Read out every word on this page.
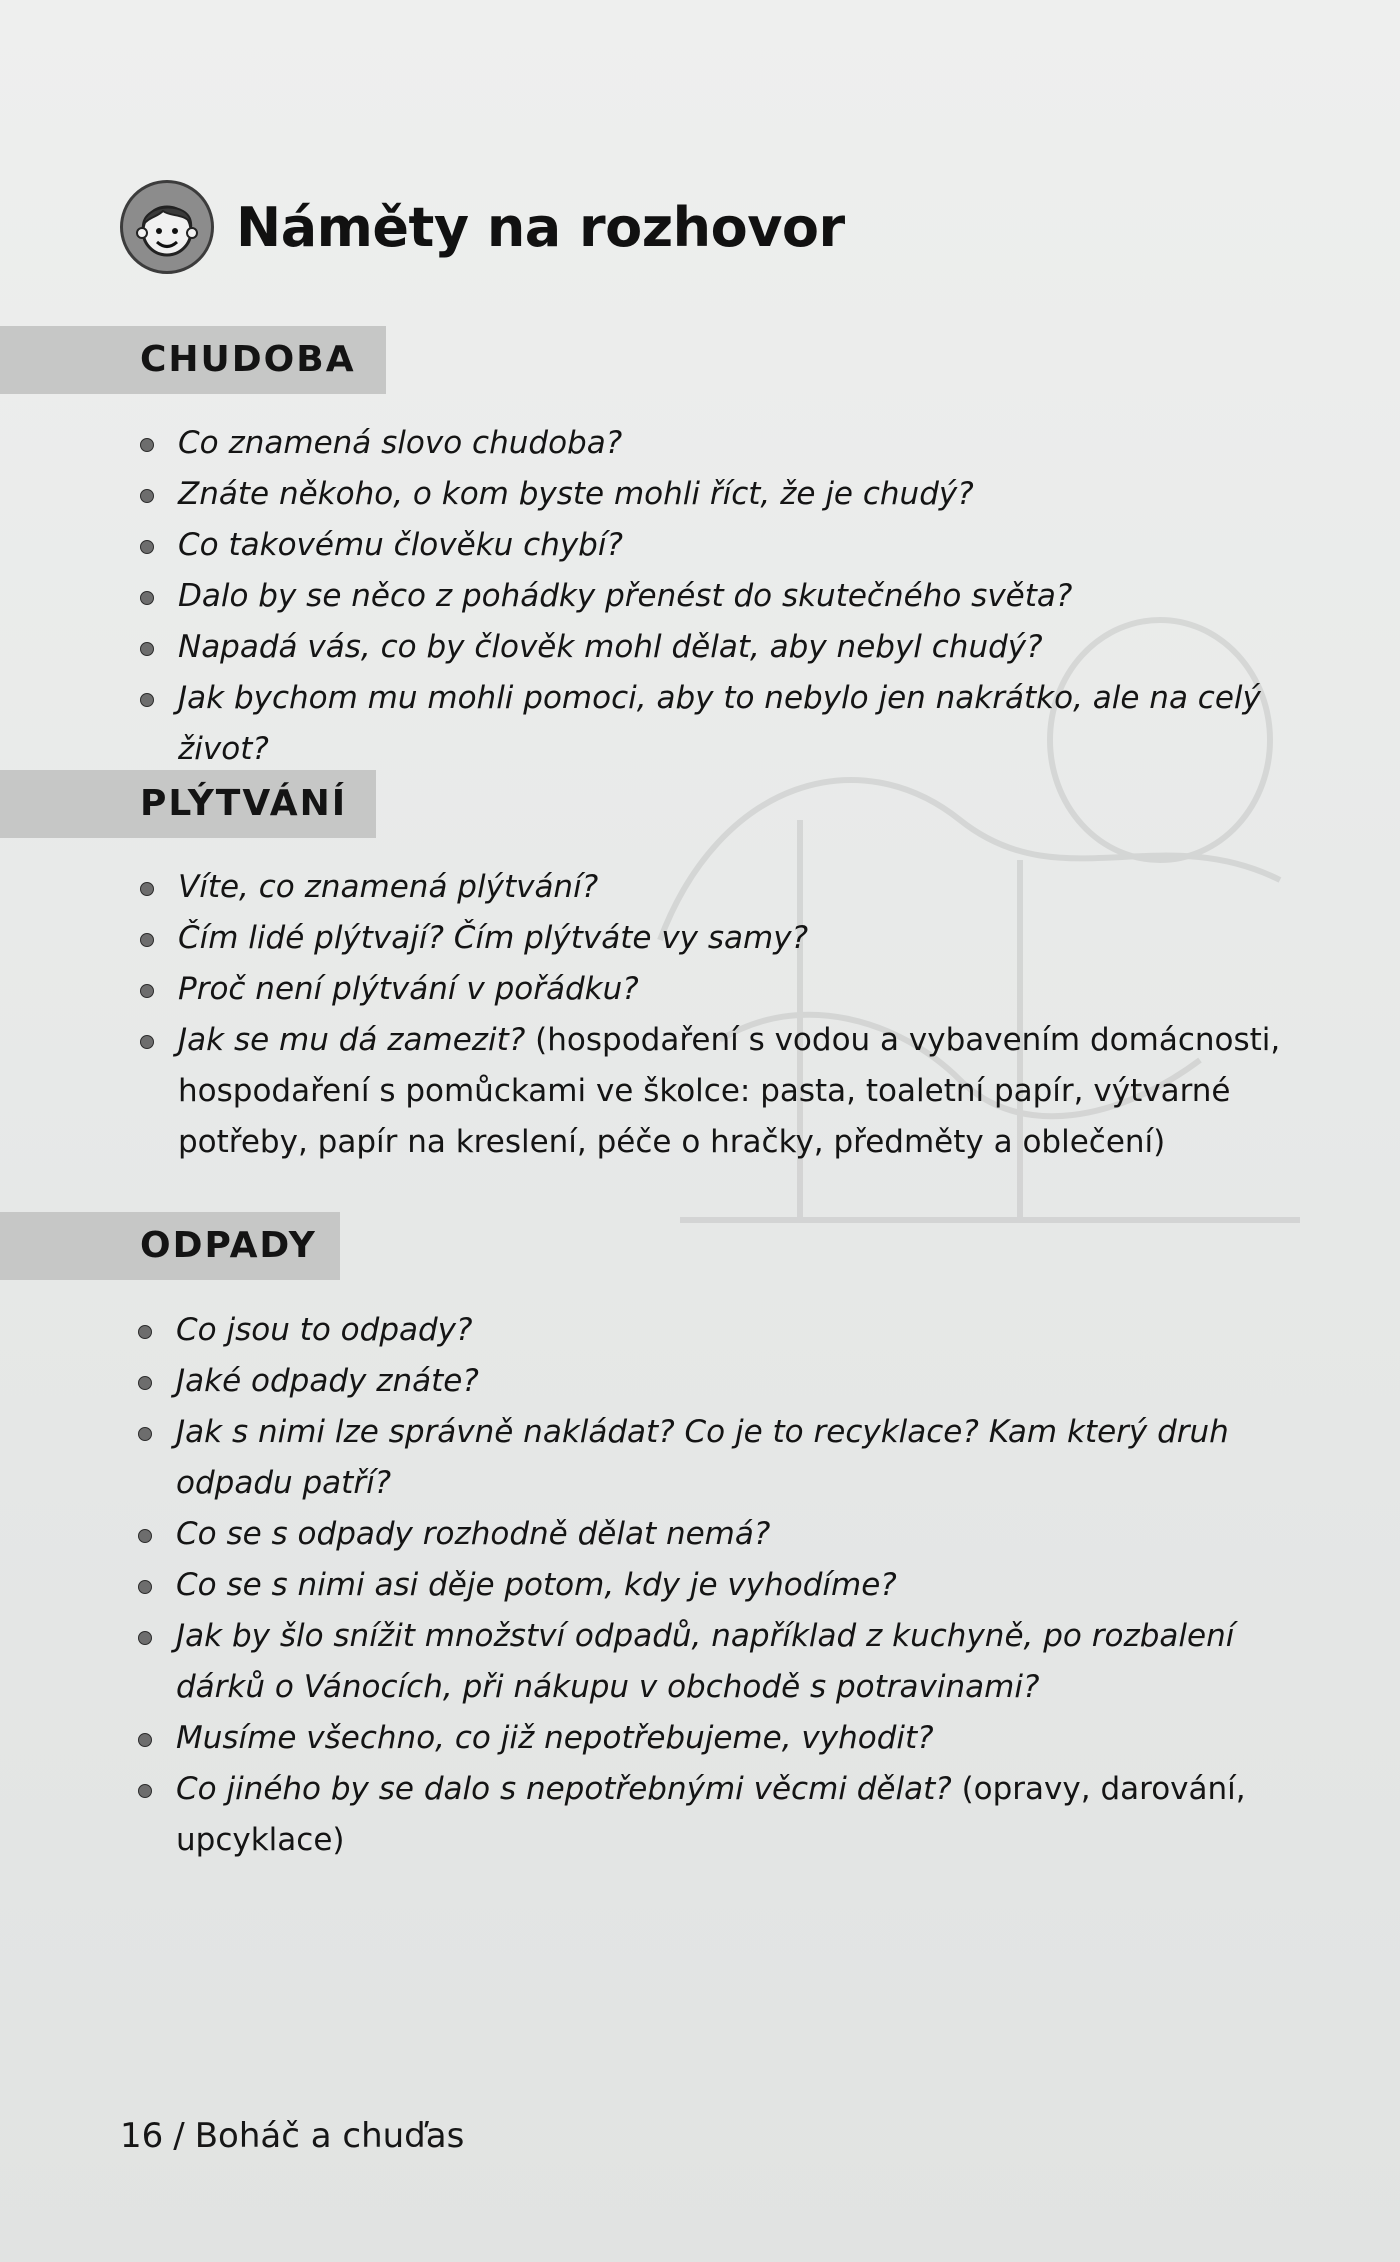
Náměty na rozhovor
CHUDOBA
Co znamená slovo chudoba?
Znáte někoho, o kom byste mohli říct, že je chudý?
Co takovému člověku chybí?
Dalo by se něco z pohádky přenést do skutečného světa?
Napadá vás, co by člověk mohl dělat, aby nebyl chudý?
Jak bychom mu mohli pomoci, aby to nebylo jen nakrátko, ale na celý život?
PLÝTVÁNÍ
Víte, co znamená plýtvání?
Čím lidé plýtvají? Čím plýtváte vy samy?
Proč není plýtvání v pořádku?
Jak se mu dá zamezit? (hospodaření s vodou a vybavením domácnosti, hospodaření s pomůckami ve školce: pasta, toaletní papír, výtvarné potřeby, papír na kreslení, péče o hračky, předměty a oblečení)
ODPADY
Co jsou to odpady?
Jaké odpady znáte?
Jak s nimi lze správně nakládat? Co je to recyklace? Kam který druh odpadu patří?
Co se s odpady rozhodně dělat nemá?
Co se s nimi asi děje potom, kdy je vyhodíme?
Jak by šlo snížit množství odpadů, například z kuchyně, po rozbalení dárků o Vánocích, při nákupu v obchodě s potravinami?
Musíme všechno, co již nepotřebujeme, vyhodit?
Co jiného by se dalo s nepotřebnými věcmi dělat? (opravy, darování, upcyklace)
16 / Boháč a chuďas
